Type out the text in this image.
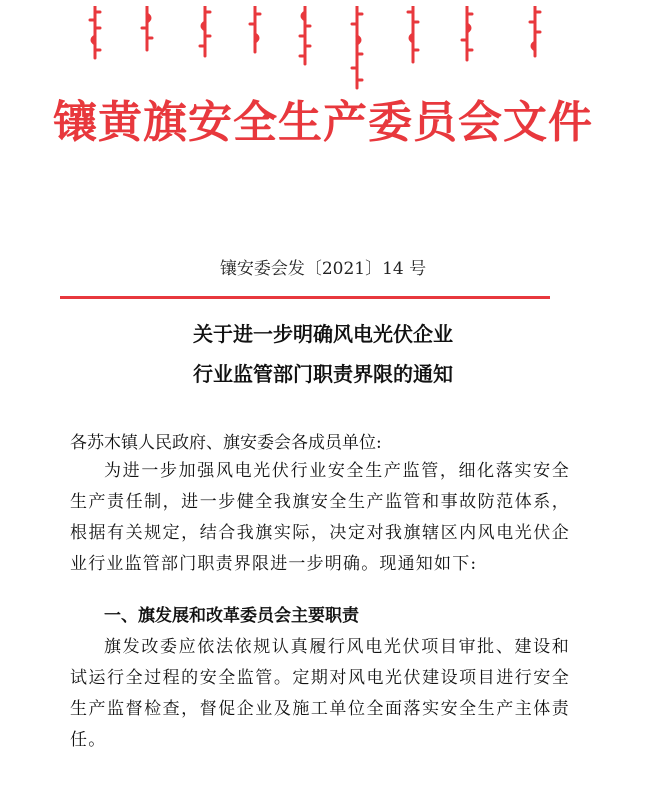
镶黄旗安全生产委员会文件
镶安委会发〔2021〕14 号
关于进一步明确风电光伏企业
行业监管部门职责界限的通知
各苏木镇人民政府、旗安委会各成员单位:
为进一步加强风电光伏行业安全生产监管，细化落实安全生产责任制，进一步健全我旗安全生产监管和事故防范体系，根据有关规定，结合我旗实际，决定对我旗辖区内风电光伏企业行业监管部门职责界限进一步明确。现通知如下:
一、旗发展和改革委员会主要职责
旗发改委应依法依规认真履行风电光伏项目审批、建设和试运行全过程的安全监管。定期对风电光伏建设项目进行安全生产监督检查，督促企业及施工单位全面落实安全生产主体责任。
